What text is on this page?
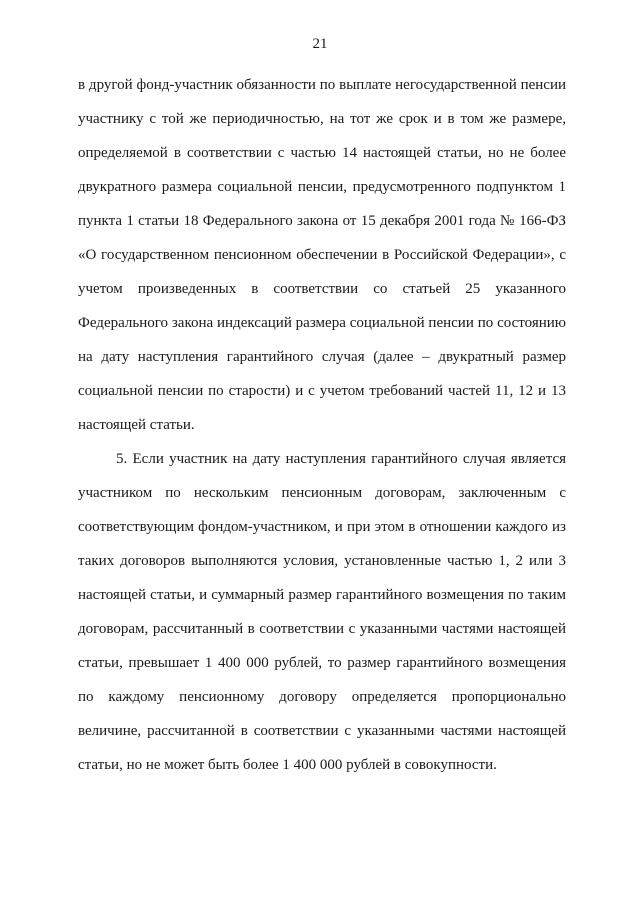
21

в другой фонд-участник обязанности по выплате негосударственной пенсии участнику с той же периодичностью, на тот же срок и в том же размере, определяемой в соответствии с частью 14 настоящей статьи, но не более двукратного размера социальной пенсии, предусмотренного подпунктом 1 пункта 1 статьи 18 Федерального закона от 15 декабря 2001 года № 166-ФЗ «О государственном пенсионном обеспечении в Российской Федерации», с учетом произведенных в соответствии со статьей 25 указанного Федерального закона индексаций размера социальной пенсии по состоянию на дату наступления гарантийного случая (далее – двукратный размер социальной пенсии по старости) и с учетом требований частей 11, 12 и 13 настоящей статьи.

5. Если участник на дату наступления гарантийного случая является участником по нескольким пенсионным договорам, заключенным с соответствующим фондом-участником, и при этом в отношении каждого из таких договоров выполняются условия, установленные частью 1, 2 или 3 настоящей статьи, и суммарный размер гарантийного возмещения по таким договорам, рассчитанный в соответствии с указанными частями настоящей статьи, превышает 1 400 000 рублей, то размер гарантийного возмещения по каждому пенсионному договору определяется пропорционально величине, рассчитанной в соответствии с указанными частями настоящей статьи, но не может быть более 1 400 000 рублей в совокупности.
